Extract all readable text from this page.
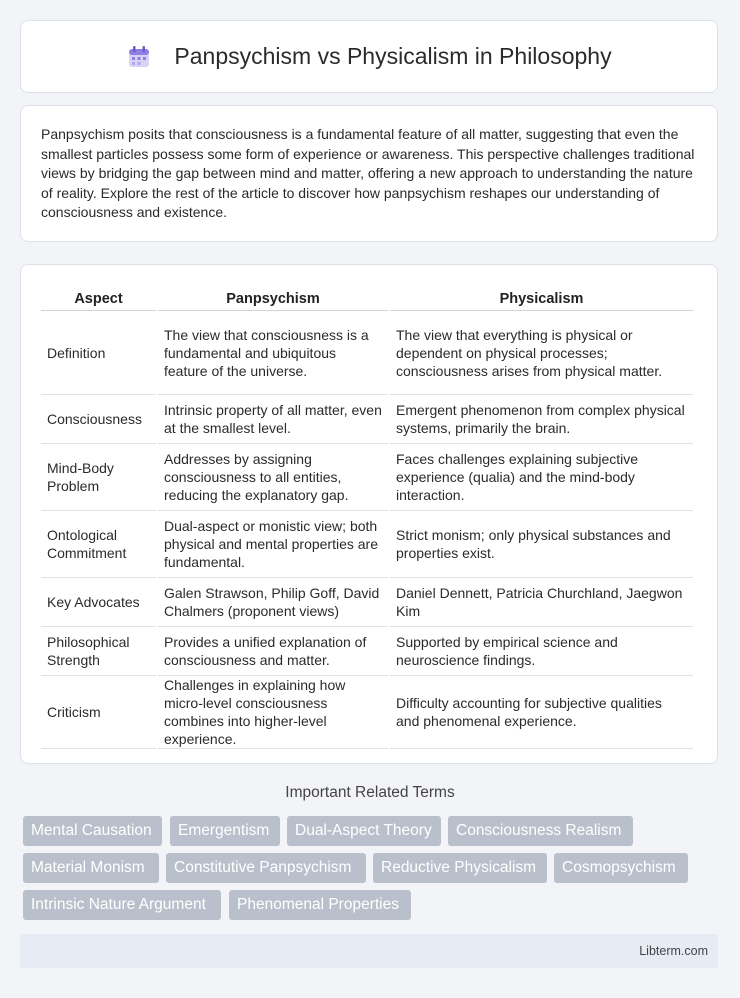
Panpsychism vs Physicalism in Philosophy

Panpsychism posits that consciousness is a fundamental feature of all matter, suggesting that even the smallest particles possess some form of experience or awareness. This perspective challenges traditional views by bridging the gap between mind and matter, offering a new approach to understanding the nature of reality. Explore the rest of the article to discover how panpsychism reshapes our understanding of consciousness and existence.

Aspect	Panpsychism	Physicalism
Definition	The view that consciousness is a fundamental and ubiquitous feature of the universe.	The view that everything is physical or dependent on physical processes; consciousness arises from physical matter.
Consciousness	Intrinsic property of all matter, even at the smallest level.	Emergent phenomenon from complex physical systems, primarily the brain.
Mind-Body Problem	Addresses by assigning consciousness to all entities, reducing the explanatory gap.	Faces challenges explaining subjective experience (qualia) and the mind-body interaction.
Ontological Commitment	Dual-aspect or monistic view; both physical and mental properties are fundamental.	Strict monism; only physical substances and properties exist.
Key Advocates	Galen Strawson, Philip Goff, David Chalmers (proponent views)	Daniel Dennett, Patricia Churchland, Jaegwon Kim
Philosophical Strength	Provides a unified explanation of consciousness and matter.	Supported by empirical science and neuroscience findings.
Criticism	Challenges in explaining how micro-level consciousness combines into higher-level experience.	Difficulty accounting for subjective qualities and phenomenal experience.
Important Related Terms
Mental Causation	Emergentism	Dual-Aspect Theory	Consciousness Realism
Material Monism	Constitutive Panpsychism	Reductive Physicalism	Cosmopsychism
Intrinsic Nature Argument	Phenomenal Properties
Libterm.com
